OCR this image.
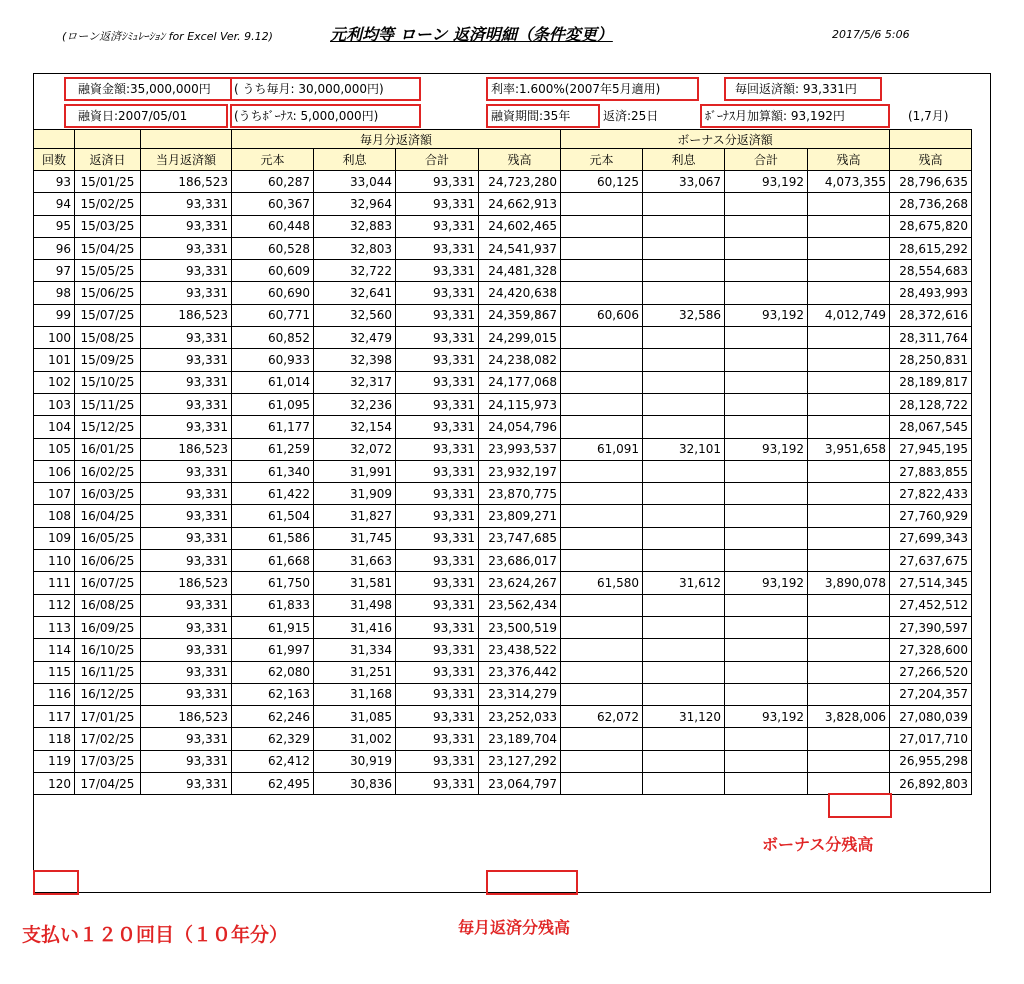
(ローン返済ｼﾐｭﾚｰｼｮﾝ for Excel Ver. 9.12)	元利均等 ローン 返済明細（条件変更）	2017/5/6 5:06
融資金額:35,000,000円 ( うち毎月: 30,000,000円)	利率:1.600%(2007年5月適用)	毎回返済額: 93,331円
融資日:2007/05/01	(うちﾎﾞｰﾅｽ: 5,000,000円)	融資期間:35年	返済:25日	ﾎﾞｰﾅｽ月加算額: 93,192円	(1,7月)
			毎月分返済額				ボーナス分返済額				
回数	返済日	当月返済額	元本	利息	合計	残高	元本	利息	合計	残高	残高
93	15/01/25	186,523	60,287	33,044	93,331	24,723,280	60,125	33,067	93,192	4,073,355	28,796,635
94	15/02/25	93,331	60,367	32,964	93,331	24,662,913					28,736,268
95	15/03/25	93,331	60,448	32,883	93,331	24,602,465					28,675,820
96	15/04/25	93,331	60,528	32,803	93,331	24,541,937					28,615,292
97	15/05/25	93,331	60,609	32,722	93,331	24,481,328					28,554,683
98	15/06/25	93,331	60,690	32,641	93,331	24,420,638					28,493,993
99	15/07/25	186,523	60,771	32,560	93,331	24,359,867	60,606	32,586	93,192	4,012,749	28,372,616
100	15/08/25	93,331	60,852	32,479	93,331	24,299,015					28,311,764
101	15/09/25	93,331	60,933	32,398	93,331	24,238,082					28,250,831
102	15/10/25	93,331	61,014	32,317	93,331	24,177,068					28,189,817
103	15/11/25	93,331	61,095	32,236	93,331	24,115,973					28,128,722
104	15/12/25	93,331	61,177	32,154	93,331	24,054,796					28,067,545
105	16/01/25	186,523	61,259	32,072	93,331	23,993,537	61,091	32,101	93,192	3,951,658	27,945,195
106	16/02/25	93,331	61,340	31,991	93,331	23,932,197					27,883,855
107	16/03/25	93,331	61,422	31,909	93,331	23,870,775					27,822,433
108	16/04/25	93,331	61,504	31,827	93,331	23,809,271					27,760,929
109	16/05/25	93,331	61,586	31,745	93,331	23,747,685					27,699,343
110	16/06/25	93,331	61,668	31,663	93,331	23,686,017					27,637,675
111	16/07/25	186,523	61,750	31,581	93,331	23,624,267	61,580	31,612	93,192	3,890,078	27,514,345
112	16/08/25	93,331	61,833	31,498	93,331	23,562,434					27,452,512
113	16/09/25	93,331	61,915	31,416	93,331	23,500,519					27,390,597
114	16/10/25	93,331	61,997	31,334	93,331	23,438,522					27,328,600
115	16/11/25	93,331	62,080	31,251	93,331	23,376,442					27,266,520
116	16/12/25	93,331	62,163	31,168	93,331	23,314,279					27,204,357
117	17/01/25	186,523	62,246	31,085	93,331	23,252,033	62,072	31,120	93,192	3,828,006	27,080,039
118	17/02/25	93,331	62,329	31,002	93,331	23,189,704					27,017,710
119	17/03/25	93,331	62,412	30,919	93,331	23,127,292					26,955,298
120	17/04/25	93,331	62,495	30,836	93,331	23,064,797					26,892,803
ボーナス分残高
毎月返済分残高
支払い１２０回目（１０年分）
